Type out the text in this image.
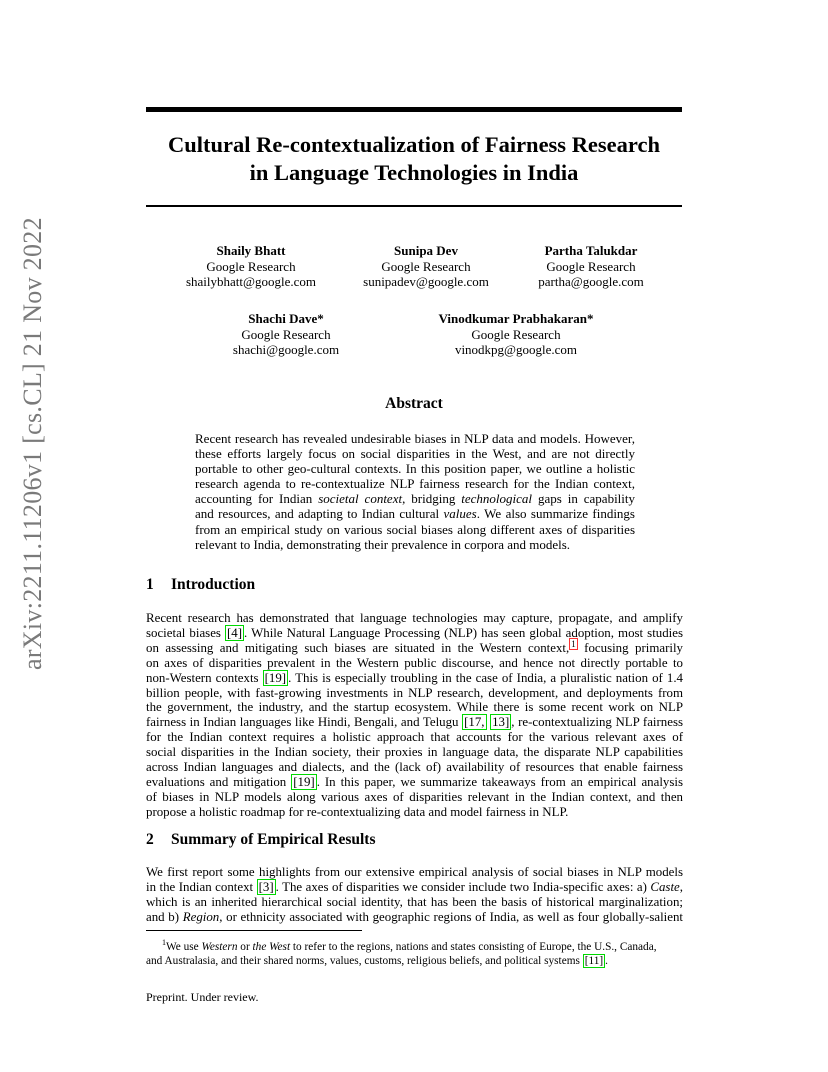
arXiv:2211.11206v1 [cs.CL] 21 Nov 2022
Cultural Re-contextualization of Fairness Research
in Language Technologies in India
Shaily Bhatt
Google Research
shailybhatt@google.com
Sunipa Dev
Google Research
sunipadev@google.com
Partha Talukdar
Google Research
partha@google.com
Shachi Dave*
Google Research
shachi@google.com
Vinodkumar Prabhakaran*
Google Research
vinodkpg@google.com
Abstract
Recent research has revealed undesirable biases in NLP data and models. However,
these efforts largely focus on social disparities in the West, and are not directly
portable to other geo-cultural contexts. In this position paper, we outline a holistic
research agenda to re-contextualize NLP fairness research for the Indian context,
accounting for Indian societal context, bridging technological gaps in capability
and resources, and adapting to Indian cultural values. We also summarize findings
from an empirical study on various social biases along different axes of disparities
relevant to India, demonstrating their prevalence in corpora and models.
1 Introduction
Recent research has demonstrated that language technologies may capture, propagate, and amplify
societal biases [4] . While Natural Language Processing (NLP) has seen global adoption, most studies
on assessing and mitigating such biases are situated in the Western context, $^1$ focusing primarily
on axes of disparities prevalent in the Western public discourse, and hence not directly portable to
non-Western contexts [19] . This is especially troubling in the case of India, a pluralistic nation of 1.4
billion people, with fast-growing investments in NLP research, development, and deployments from
the government, the industry, and the startup ecosystem. While there is some recent work on NLP
fairness in Indian languages like Hindi, Bengali, and Telugu [17, 13] , re-contextualizing NLP fairness
for the Indian context requires a holistic approach that accounts for the various relevant axes of
social disparities in the Indian society, their proxies in language data, the disparate NLP capabilities
across Indian languages and dialects, and the (lack of) availability of resources that enable fairness
evaluations and mitigation [19] . In this paper, we summarize takeaways from an empirical analysis
of biases in NLP models along various axes of disparities relevant in the Indian context, and then
propose a holistic roadmap for re-contextualizing data and model fairness in NLP.
2 Summary of Empirical Results
We first report some highlights from our extensive empirical analysis of social biases in NLP models
in the Indian context [3] . The axes of disparities we consider include two India-specific axes: a) Caste,
which is an inherited hierarchical social identity, that has been the basis of historical marginalization;
and b) Region, or ethnicity associated with geographic regions of India, as well as four globally-salient
$^1$We use Western or the West to refer to the regions, nations and states consisting of Europe, the U.S., Canada,
and Australasia, and their shared norms, values, customs, religious beliefs, and political systems [11] .
Preprint. Under review.
